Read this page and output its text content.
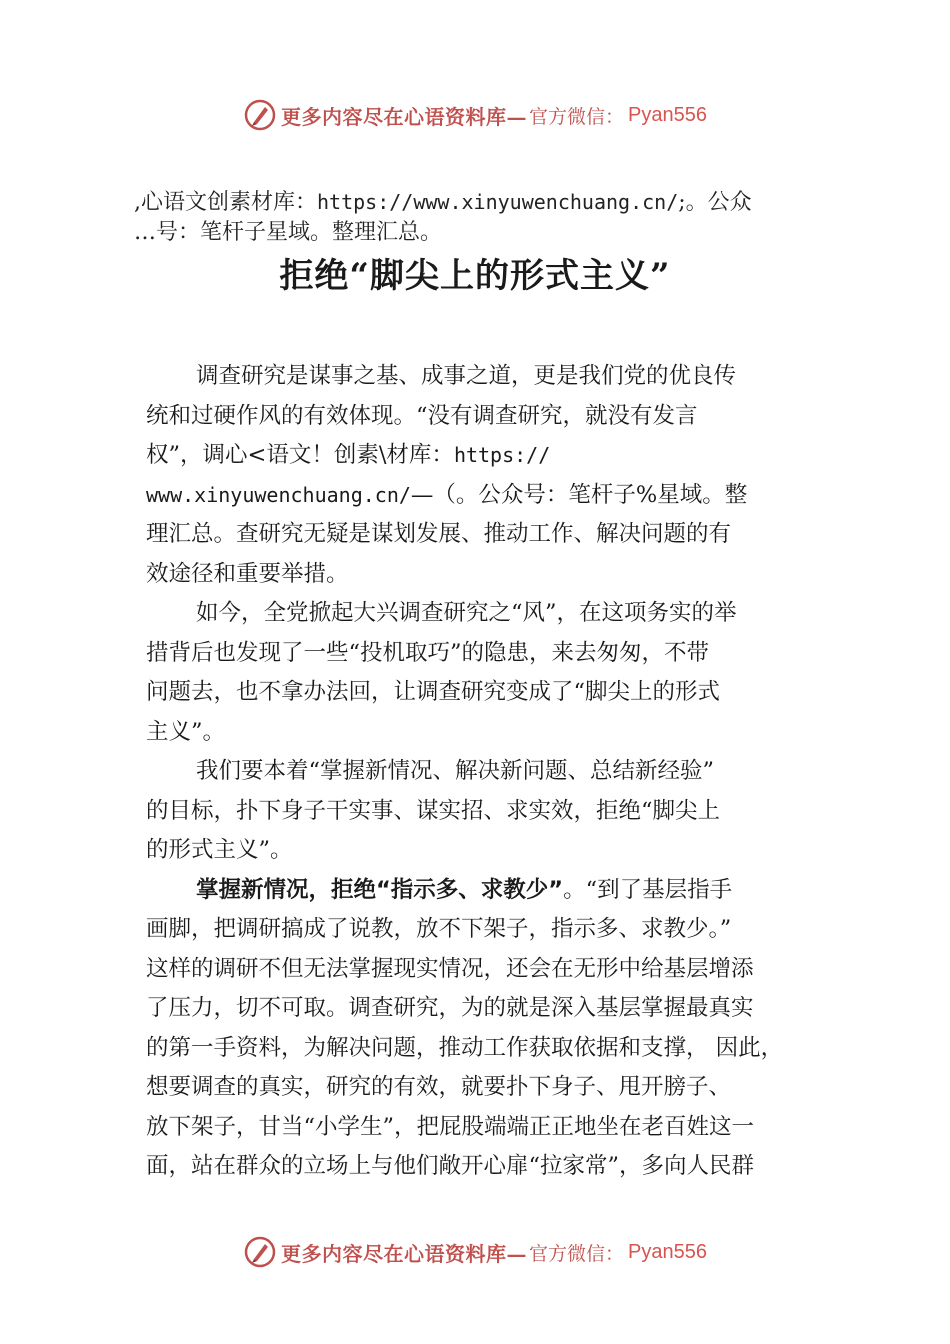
更多内容尽在心语资料库— 官方微信： Pyan556
,心语文创素材库：https://www.xinyuwenchuang.cn/;。公众
…号：笔杆子星域。整理汇总。
拒绝“脚尖上的形式主义”
调查研究是谋事之基、成事之道，更是我们党的优良传
统和过硬作风的有效体现。“没有调查研究，就没有发言
权”，调心<语文！创素\材库：https://
www.xinyuwenchuang.cn/—（。公众号：笔杆子%星域。整
理汇总。查研究无疑是谋划发展、推动工作、解决问题的有
效途径和重要举措。
如今，全党掀起大兴调查研究之“风”，在这项务实的举
措背后也发现了一些“投机取巧”的隐患，来去匆匆，不带
问题去，也不拿办法回，让调查研究变成了“脚尖上的形式
主义”。
我们要本着“掌握新情况、解决新问题、总结新经验”
的目标，扑下身子干实事、谋实招、求实效，拒绝“脚尖上
的形式主义”。
掌握新情况，拒绝“指示多、求教少”。“到了基层指手
画脚，把调研搞成了说教，放不下架子，指示多、求教少。”
这样的调研不但无法掌握现实情况，还会在无形中给基层增添
了压力，切不可取。调查研究，为的就是深入基层掌握最真实
的第一手资料，为解决问题，推动工作获取依据和支撑， 因此，
想要调查的真实，研究的有效，就要扑下身子、甩开膀子、
放下架子，甘当“小学生”，把屁股端端正正地坐在老百姓这一
面，站在群众的立场上与他们敞开心扉“拉家常”，多向人民群
更多内容尽在心语资料库— 官方微信： Pyan556
